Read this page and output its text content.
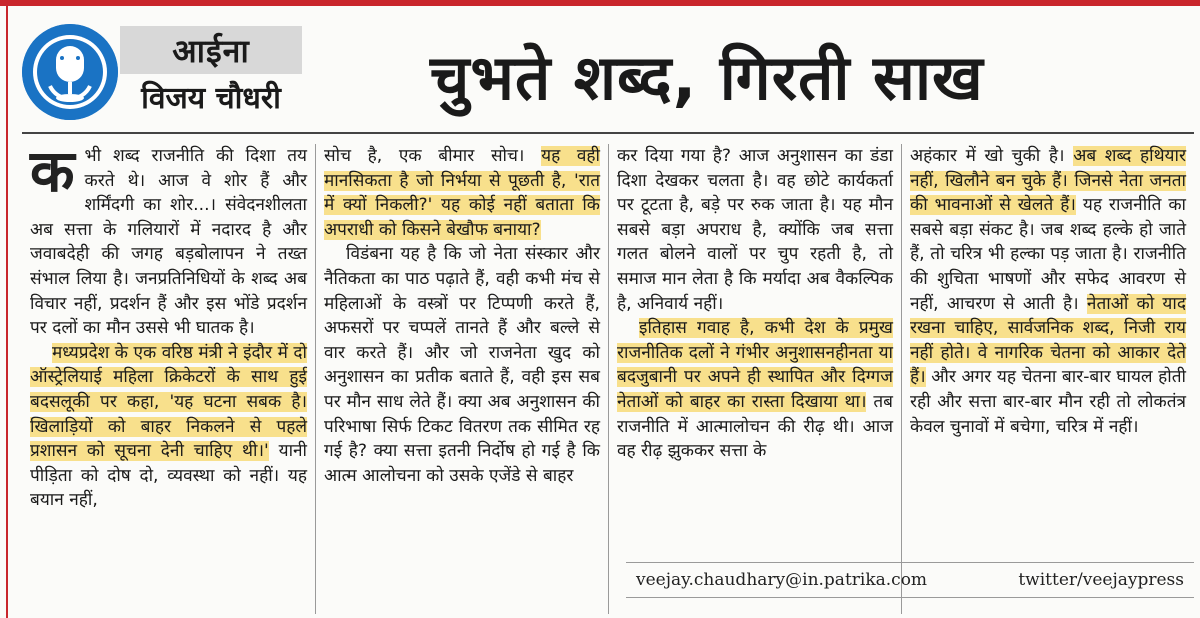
आईना
विजय चौधरी	चुभते शब्द, गिरती साख

कभी शब्द राजनीति की दिशा तय करते थे। आज वे शोर हैं और शर्मिंदगी का शोर...। संवेदनशीलता अब सत्ता के गलियारों में नदारद है और जवाबदेही की जगह बड़बोलापन ने तख्त संभाल लिया है। जनप्रतिनिधियों के शब्द अब विचार नहीं, प्रदर्शन हैं और इस भोंडे प्रदर्शन पर दलों का मौन उससे भी घातक है।

मध्यप्रदेश के एक वरिष्ठ मंत्री ने इंदौर में दो ऑस्ट्रेलियाई महिला क्रिकेटरों के साथ हुई बदसलूकी पर कहा, 'यह घटना सबक है। खिलाड़ियों को बाहर निकलने से पहले प्रशासन को सूचना देनी चाहिए थी।' यानी पीड़िता को दोष दो, व्यवस्था को नहीं। यह बयान नहीं,

सोच है, एक बीमार सोच। यह वही मानसिकता है जो निर्भया से पूछती है, 'रात में क्यों निकली?' यह कोई नहीं बताता कि अपराधी को किसने बेखौफ बनाया?

विडंबना यह है कि जो नेता संस्कार और नैतिकता का पाठ पढ़ाते हैं, वही कभी मंच से महिलाओं के वस्त्रों पर टिप्पणी करते हैं, अफसरों पर चप्पलें तानते हैं और बल्ले से वार करते हैं। और जो राजनेता खुद को अनुशासन का प्रतीक बताते हैं, वही इस सब पर मौन साध लेते हैं। क्या अब अनुशासन की परिभाषा सिर्फ टिकट वितरण तक सीमित रह गई है? क्या सत्ता इतनी निर्दोष हो गई है कि आत्म आलोचना को उसके एजेंडे से बाहर

कर दिया गया है? आज अनुशासन का डंडा दिशा देखकर चलता है। वह छोटे कार्यकर्ता पर टूटता है, बड़े पर रुक जाता है। यह मौन सबसे बड़ा अपराध है, क्योंकि जब सत्ता गलत बोलने वालों पर चुप रहती है, तो समाज मान लेता है कि मर्यादा अब वैकल्पिक है, अनिवार्य नहीं।

इतिहास गवाह है, कभी देश के प्रमुख राजनीतिक दलों ने गंभीर अनुशासनहीनता या बदजुबानी पर अपने ही स्थापित और दिग्गज नेताओं को बाहर का रास्ता दिखाया था। तब राजनीति में आत्मालोचन की रीढ़ थी। आज वह रीढ़ झुककर सत्ता के

अहंकार में खो चुकी है। अब शब्द हथियार नहीं, खिलौने बन चुके हैं। जिनसे नेता जनता की भावनाओं से खेलते हैं। यह राजनीति का सबसे बड़ा संकट है। जब शब्द हल्के हो जाते हैं, तो चरित्र भी हल्का पड़ जाता है। राजनीति की शुचिता भाषणों और सफेद आवरण से नहीं, आचरण से आती है। नेताओं को याद रखना चाहिए, सार्वजनिक शब्द, निजी राय नहीं होते। वे नागरिक चेतना को आकार देते हैं। और अगर यह चेतना बार-बार घायल होती रही और सत्ता बार-बार मौन रही तो लोकतंत्र केवल चुनावों में बचेगा, चरित्र में नहीं।

veejay.chaudhary@in.patrika.com	twitter/veejaypress
